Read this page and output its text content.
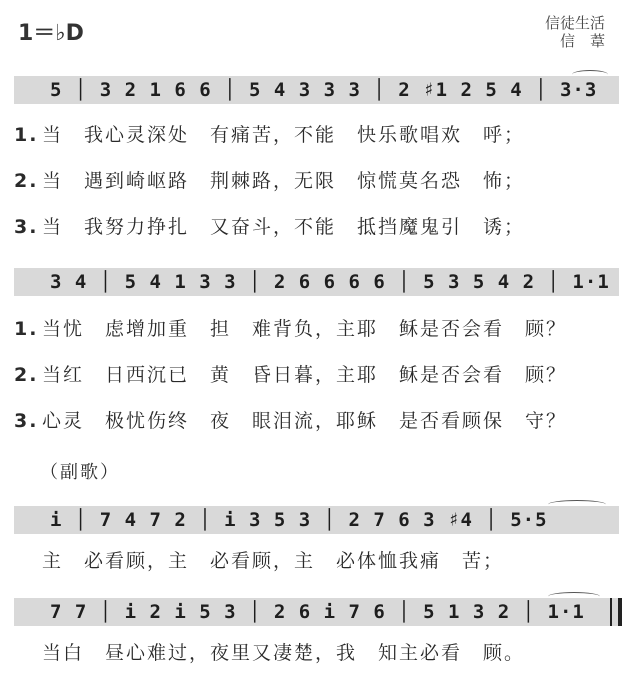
1＝♭D	信徒生活
信　葦
5 │ 3 2 1 6 6 │ 5 4 3 3 3 │ 2 ♯1 2 5 4 │ 3·3
1. 当　我心灵深处　有痛苦，不能　快乐歌唱欢　呼；
2. 当　遇到崎岖路　荆棘路，无限　惊慌莫名恐　怖；
3. 当　我努力挣扎　又奋斗，不能　抵挡魔鬼引　诱；
3 4 │ 5 4 1 3 3 │ 2 6 6 6 6 │ 5 3 5 4 2 │ 1·1
1. 当忧　虑增加重　担　难背负，主耶　稣是否会看　顾？
2. 当红　日西沉已　黄　昏日暮，主耶　稣是否会看　顾？
3. 心灵　极忧伤终　夜　眼泪流，耶稣　是否看顾保　守？
（副歌）
i │ 7 4 7 2 │ i 3 5 3 │ 2 7 6 3 ♯4 │ 5·5
主　必看顾，主　必看顾，主　必体恤我痛　苦；
7 7 │ i 2 i 5 3 │ 2 6 i 7 6 │ 5 1 3 2 │ 1·1
当白　昼心难过，夜里又凄楚，我　知主必看　顾。
